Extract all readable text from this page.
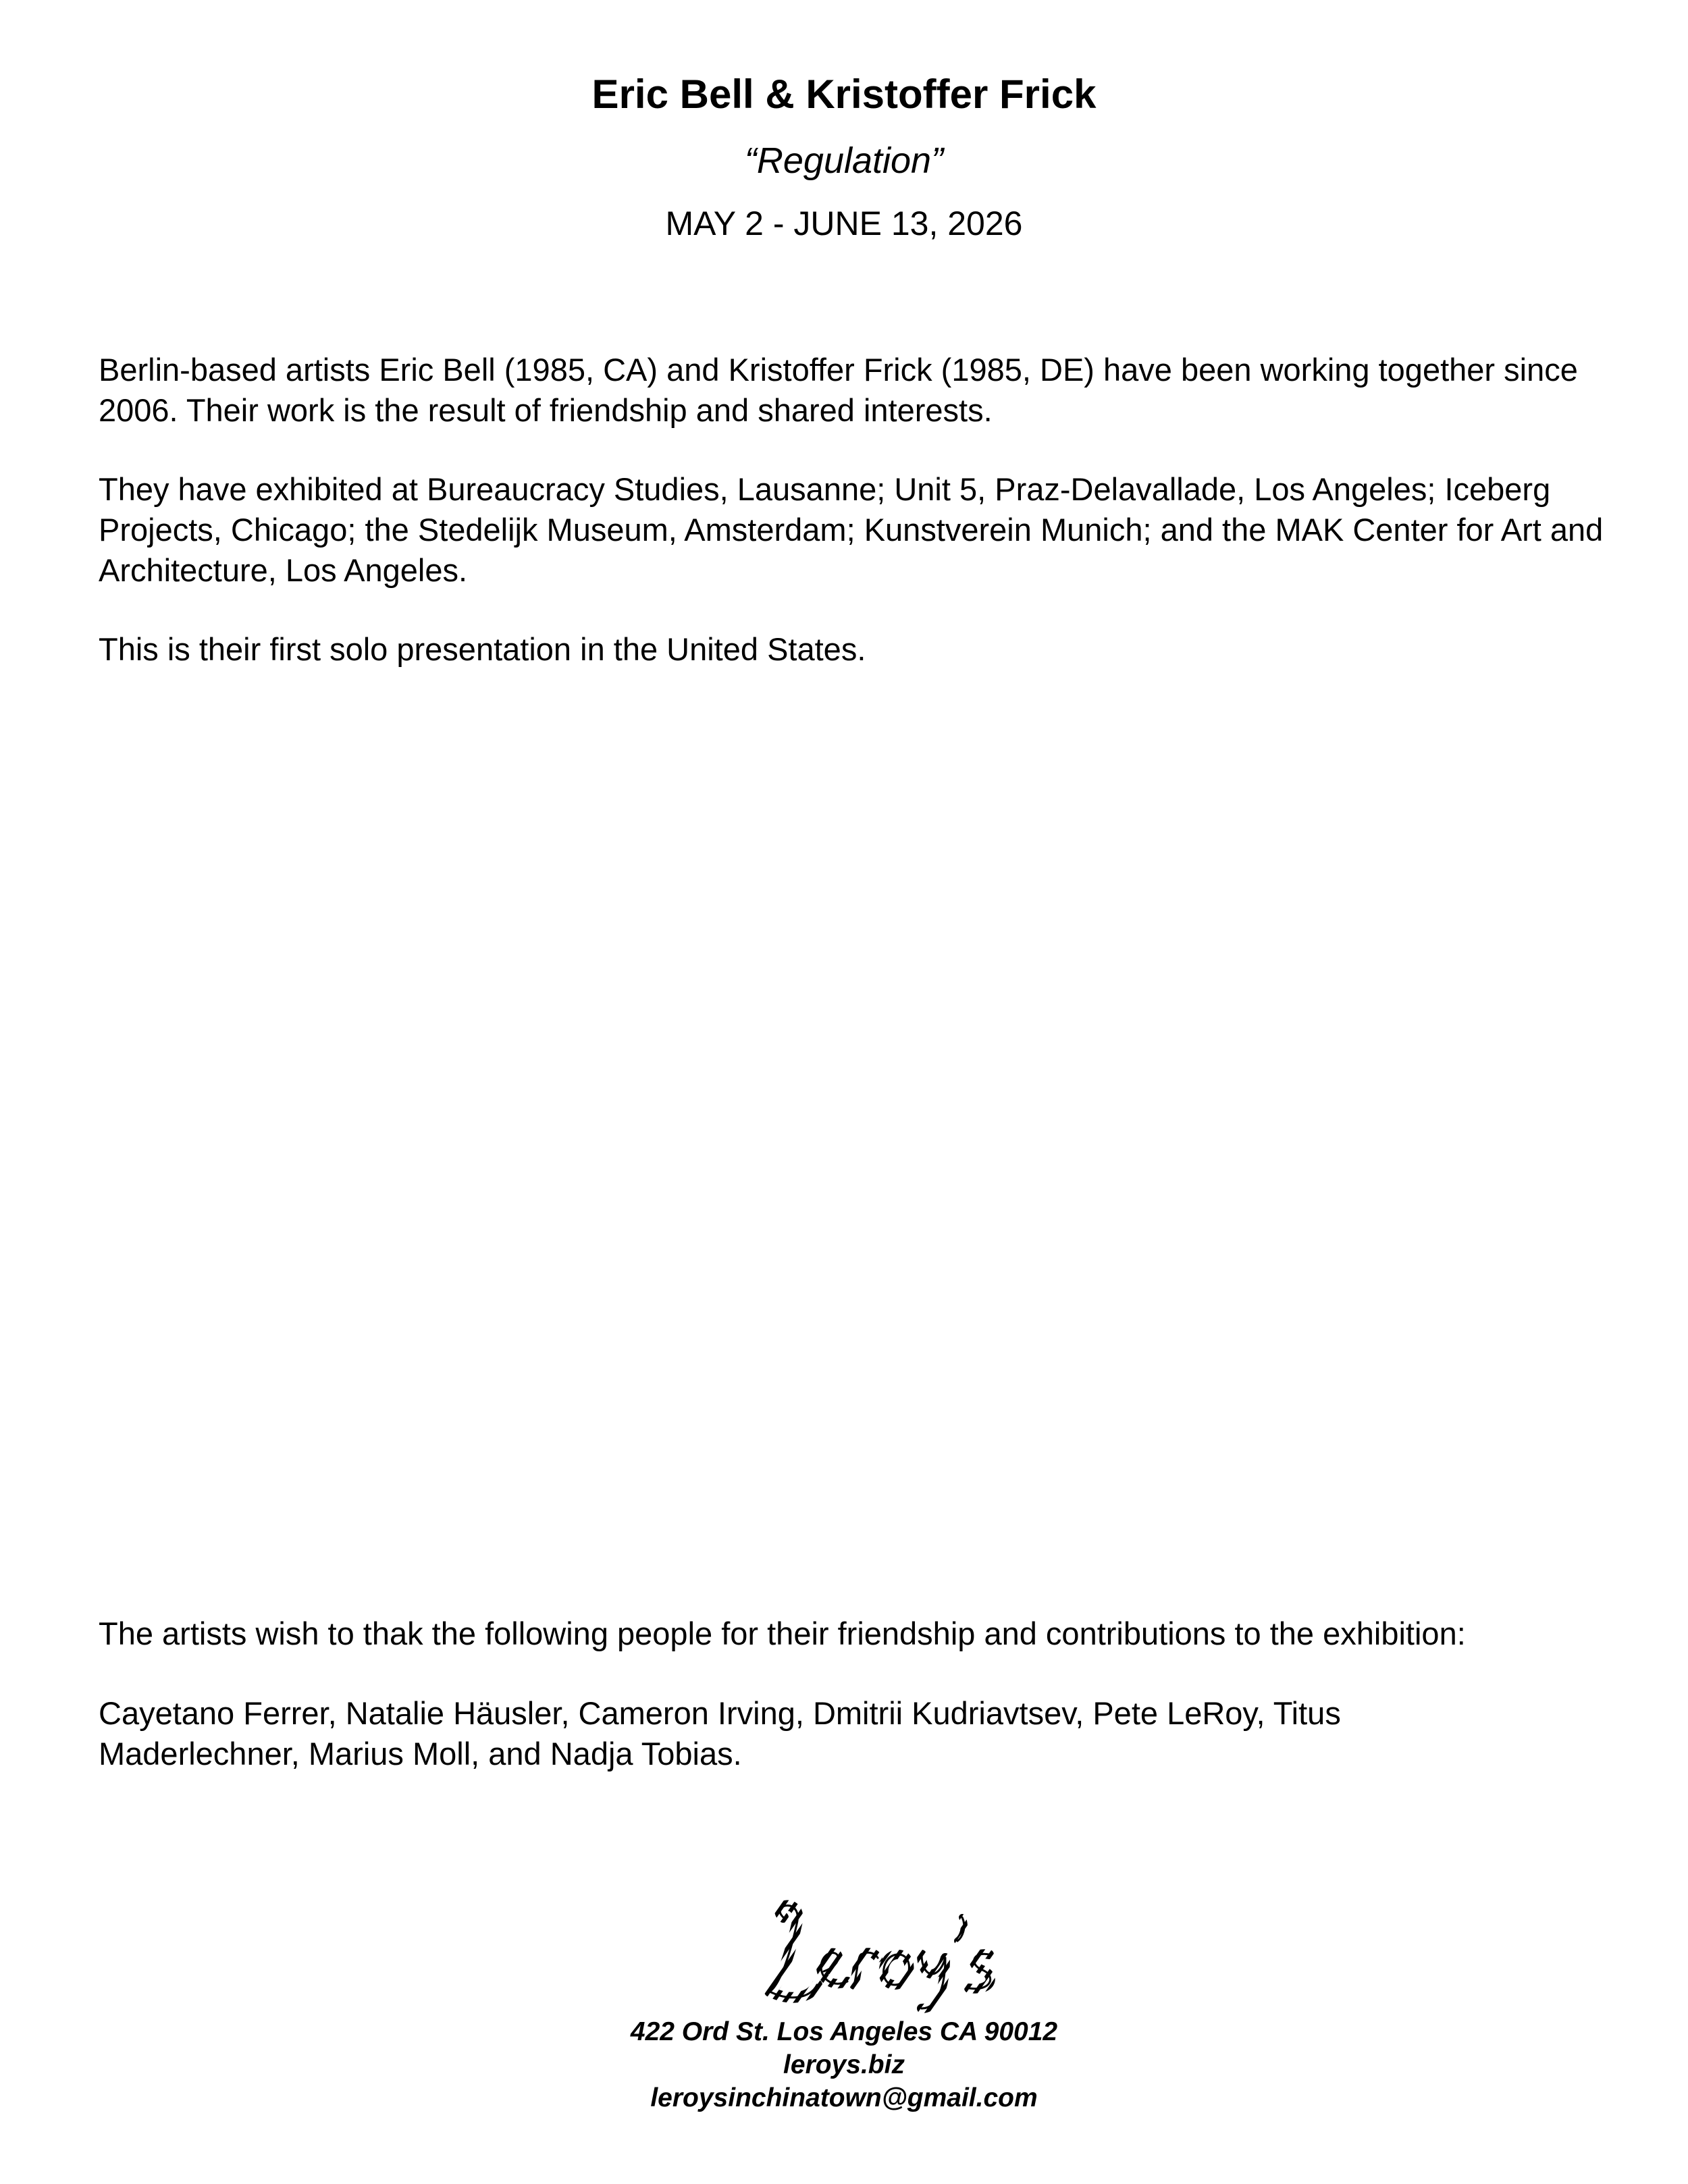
Eric Bell & Kristoffer Frick
“Regulation”
MAY 2 - JUNE 13, 2026

Berlin-based artists Eric Bell (1985, CA) and Kristoffer Frick (1985, DE) have been working together since 2006. Their work is the result of friendship and shared interests.

They have exhibited at Bureaucracy Studies, Lausanne; Unit 5, Praz-Delavallade, Los Angeles; Iceberg Projects, Chicago; the Stedelijk Museum, Amsterdam; Kunstverein Munich; and the MAK Center for Art and Architecture, Los Angeles.

This is their first solo presentation in the United States.

The artists wish to thak the following people for their friendship and contributions to the exhibition:

Cayetano Ferrer, Natalie Häusler, Cameron Irving, Dmitrii Kudriavtsev, Pete LeRoy, Titus Maderlechner, Marius Moll, and Nadja Tobias.

422 Ord St. Los Angeles CA 90012
leroys.biz
leroysinchinatown@gmail.com
